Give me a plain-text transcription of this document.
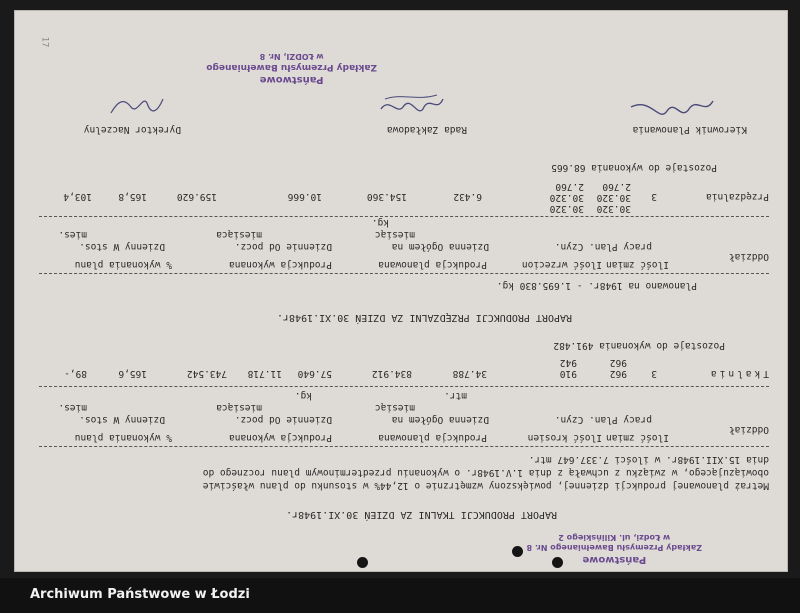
RAPORT PRODUKCJI TKALNI ZA DZIEŃ 30.XI.1948r.
Metraż planowanej produkcji dziennej, powiększony wzmętrznie o 12,44% w stosunku do planu właściwie
obowiązującego, w związku z uchwałą z dnia 1.V.1948r. o wykonaniu przedterminowym planu rocznego do
dnia 15.XII.1948r. w ilości 7.337.647 mtr.
Oddział
Ilość zmian
Ilość krosien
pracy Plan. Czyn.
Produkcja planowana
Dzienna Ogółem na
miesiąc
mtr.
Produkcja wykonana
Dziennie Od pocz.
miesiąca
kg.
% wykonania planu
Dzienny W stos.
mies.
Tkalnia
3
962
962
910
942
34.788
834.912
57.640
11.718
743.542
165,6
89,-
Pozostaje do wykonania 491.482
RAPORT PRODUKCJI PRZĘDZALNI ZA DZIEŃ 30.XI.1948r.
Planowano na 1948r. - 1.695.830 kg.
Oddział
Ilość zmian
Ilość wrzecion
pracy Plan. Czyn.
Produkcja planowana
Dzienna Ogółem na
miesiąc
kg.
Produkcja wykonana
Dziennie Od pocz.
miesiąca
% wykonania planu
Dzienny W stos.
mies.
Przędzalnia
3
30.320
30.320
2.760
30.320
30.320
2.760
6.432
154.360
10.666
159.620
165,8
103,4
Pozostaje do wykonania 68.665
Kierownik Planowania
Rada Zakładowa
Dyrektor Naczelny
Państwowe
Zakłady Przemysłu Bawełnianego
w ŁODZI, Nr. 8
Państwowe
Zakłady Przemysłu Bawełnianego Nr. 8
w Łodzi, ul. Kilińskiego 2
17
Archiwum Państwowe w Łodzi
